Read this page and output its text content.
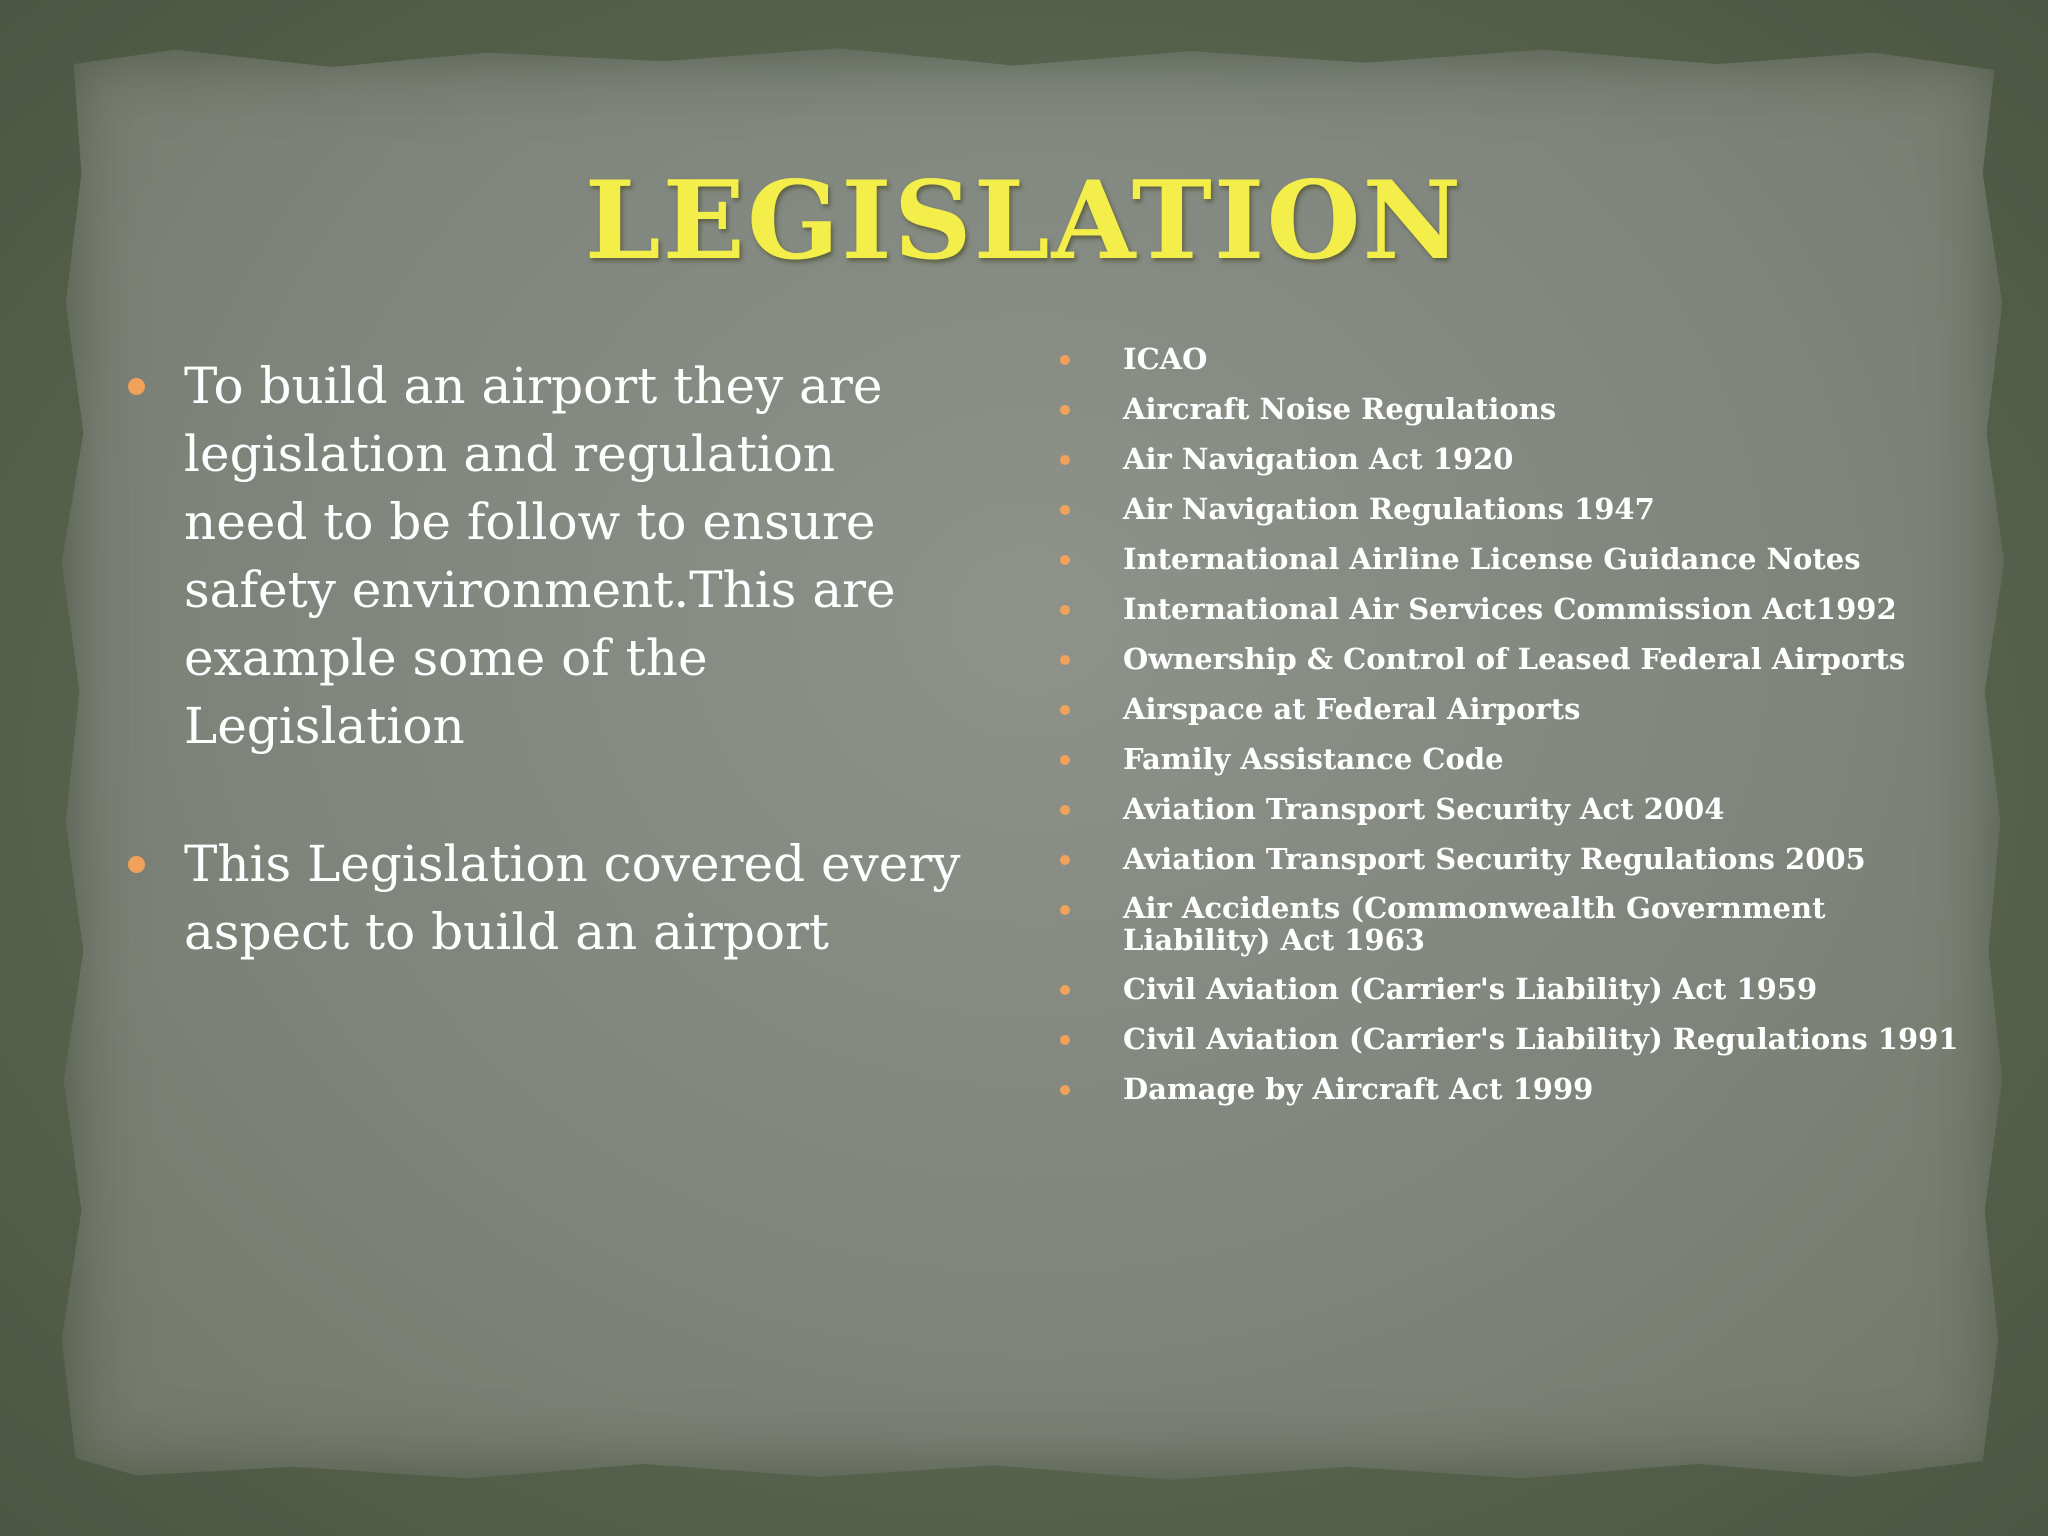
LEGISLATION
To build an airport they are legislation and regulation need to be follow to ensure safety environment.This are example some of the Legislation
This Legislation covered every aspect to build an airport
ICAO
Aircraft Noise Regulations
Air Navigation Act 1920
Air Navigation Regulations 1947
International Airline License Guidance Notes
International Air Services Commission Act1992
Ownership & Control of Leased Federal Airports
Airspace at Federal Airports
Family Assistance Code
Aviation Transport Security Act 2004
Aviation Transport Security Regulations 2005
Air Accidents (Commonwealth Government Liability) Act 1963
Civil Aviation (Carrier's Liability) Act 1959
Civil Aviation (Carrier's Liability) Regulations 1991
Damage by Aircraft Act 1999
